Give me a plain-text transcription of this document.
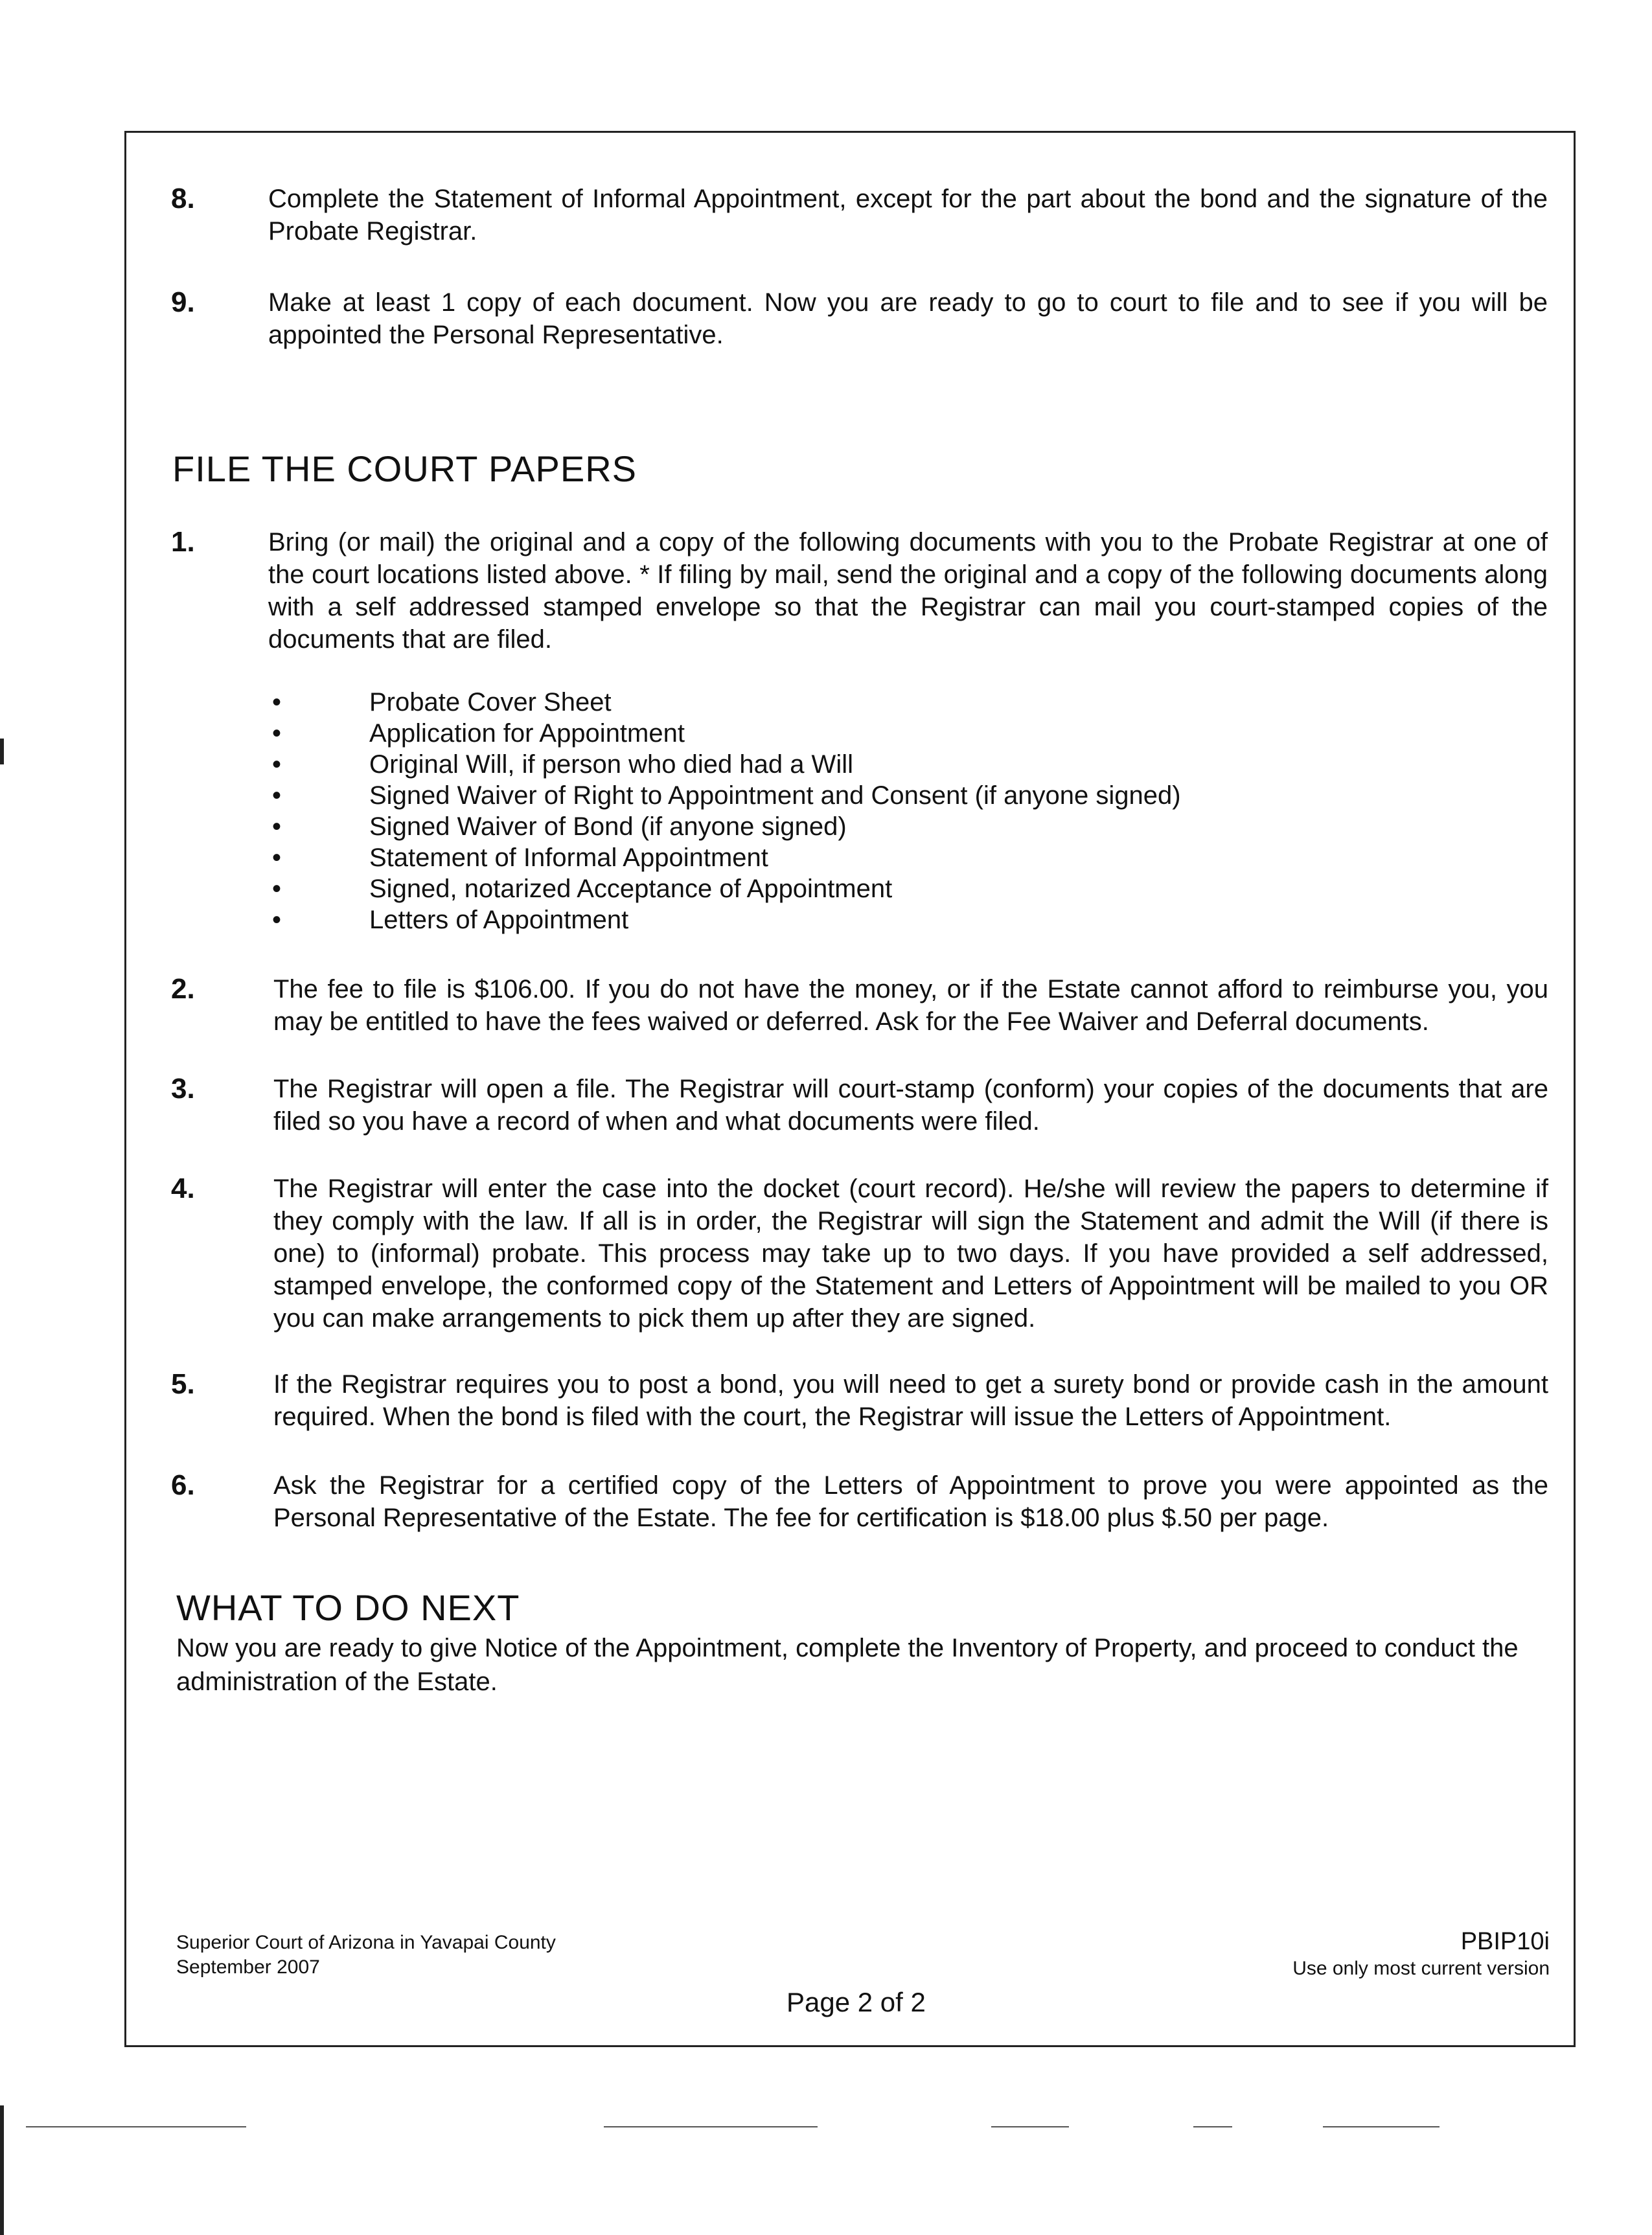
8.	Complete the Statement of Informal Appointment, except for the part about the bond and the signature of the Probate Registrar.
9.	Make at least 1 copy of each document. Now you are ready to go to court to file and to see if you will be appointed the Personal Representative.
FILE THE COURT PAPERS
1.	Bring (or mail) the original and a copy of the following documents with you to the Probate Registrar at one of the court locations listed above. * If filing by mail, send the original and a copy of the following documents along with a self addressed stamped envelope so that the Registrar can mail you court-stamped copies of the documents that are filed.
•	Probate Cover Sheet
•	Application for Appointment
•	Original Will, if person who died had a Will
•	Signed Waiver of Right to Appointment and Consent (if anyone signed)
•	Signed Waiver of Bond (if anyone signed)
•	Statement of Informal Appointment
•	Signed, notarized Acceptance of Appointment
•	Letters of Appointment
2.	The fee to file is $106.00. If you do not have the money, or if the Estate cannot afford to reimburse you, you may be entitled to have the fees waived or deferred. Ask for the Fee Waiver and Deferral documents.
3.	The Registrar will open a file. The Registrar will court-stamp (conform) your copies of the documents that are filed so you have a record of when and what documents were filed.
4.	The Registrar will enter the case into the docket (court record). He/she will review the papers to determine if they comply with the law. If all is in order, the Registrar will sign the Statement and admit the Will (if there is one) to (informal) probate. This process may take up to two days. If you have provided a self addressed, stamped envelope, the conformed copy of the Statement and Letters of Appointment will be mailed to you OR you can make arrangements to pick them up after they are signed.
5.	If the Registrar requires you to post a bond, you will need to get a surety bond or provide cash in the amount required. When the bond is filed with the court, the Registrar will issue the Letters of Appointment.
6.	Ask the Registrar for a certified copy of the Letters of Appointment to prove you were appointed as the Personal Representative of the Estate. The fee for certification is $18.00 plus $.50 per page.
WHAT TO DO NEXT
Now you are ready to give Notice of the Appointment, complete the Inventory of Property, and proceed to conduct the administration of the Estate.
Superior Court of Arizona in Yavapai County
September 2007
PBIP10i
Use only most current version
Page 2 of 2
